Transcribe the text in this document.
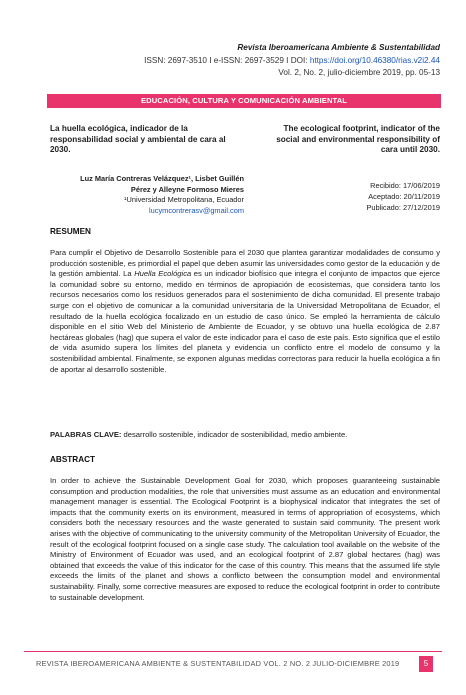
Revista Iberoamericana Ambiente & Sustentabilidad
ISSN: 2697-3510 I e-ISSN: 2697-3529 I DOI: https://doi.org/10.46380/rias.v2i2.44
Vol. 2, No. 2, julio-diciembre 2019, pp. 05-13
EDUCACIÓN, CULTURA Y COMUNICACIÓN AMBIENTAL
La huella ecológica, indicador de la responsabilidad social y ambiental de cara al 2030.
The ecological footprint, indicator of the social and environmental responsibility of cara until 2030.
Luz María Contreras Velázquez¹, Lisbet Guillén
Pérez y Alleyne Formoso Mieres
¹Universidad Metropolitana, Ecuador
lucymcontrerasv@gmail.com
Recibido: 17/06/2019
Aceptado: 20/11/2019
Publicado: 27/12/2019
RESUMEN
Para cumplir el Objetivo de Desarrollo Sostenible para el 2030 que plantea garantizar modalidades de consumo y producción sostenible, es primordial el papel que deben asumir las universidades como gestor de la educación y de la gestión ambiental. La Huella Ecológica es un indicador biofísico que integra el conjunto de impactos que ejerce la comunidad sobre su entorno, medido en términos de apropiación de ecosistemas, que considera tanto los recursos necesarios como los residuos generados para el sostenimiento de dicha comunidad. El presente trabajo surge con el objetivo de comunicar a la comunidad universitaria de la Universidad Metropolitana de Ecuador, el resultado de la huella ecológica focalizado en un estudio de caso único. Se empleó la herramienta de cálculo disponible en el sitio Web del Ministerio de Ambiente de Ecuador, y se obtuvo una huella ecológica de 2.87 hectáreas globales (hag) que supera el valor de este indicador para el caso de este país. Esto significa que el estilo de vida asumido supera los límites del planeta y evidencia un conflicto entre el modelo de consumo y la sostenibilidad ambiental. Finalmente, se exponen algunas medidas correctoras para reducir la huella ecológica a fin de aportar al desarrollo sostenible.
PALABRAS CLAVE: desarrollo sostenible, indicador de sostenibilidad, medio ambiente.
ABSTRACT
In order to achieve the Sustainable Development Goal for 2030, which proposes guaranteeing sustainable consumption and production modalities, the role that universities must assume as an education and environmental management manager is essential. The Ecological Footprint is a biophysical indicator that integrates the set of impacts that the community exerts on its environment, measured in terms of appropriation of ecosystems, which considers both the necessary resources and the waste generated to sustain said community. The present work arises with the objective of communicating to the university community of the Metropolitan University of Ecuador, the result of the ecological footprint focused on a single case study. The calculation tool available on the website of the Ministry of Environment of Ecuador was used, and an ecological footprint of 2.87 global hectares (hag) was obtained that exceeds the value of this indicator for the case of this country. This means that the assumed life style exceeds the limits of the planet and shows a conflicto between the consumption model and environmental sustainability. Finally, some corrective measures are exposed to reduce the ecological footprint in order to contribute to sustainable development.
REVISTA IBEROAMERICANA AMBIENTE & SUSTENTABILIDAD VOL. 2 NO. 2 JULIO-DICIEMBRE 2019	5
